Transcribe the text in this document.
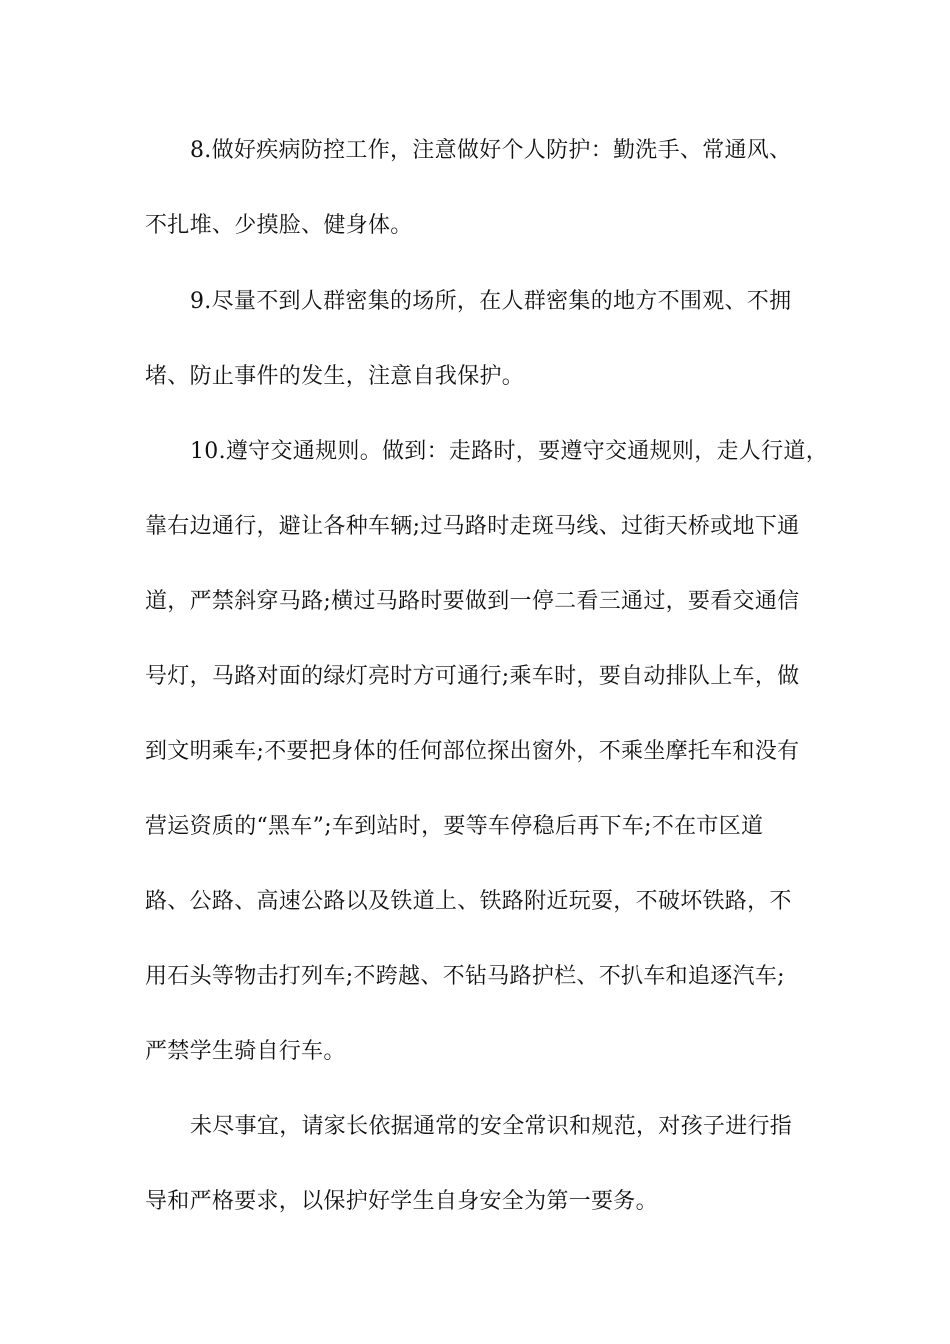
8.做好疾病防控工作，注意做好个人防护：勤洗手、常通风、
不扎堆、少摸脸、健身体。
9.尽量不到人群密集的场所，在人群密集的地方不围观、不拥
堵、防止事件的发生，注意自我保护。
10.遵守交通规则。做到：走路时，要遵守交通规则，走人行道，
靠右边通行，避让各种车辆;过马路时走斑马线、过街天桥或地下通
道，严禁斜穿马路;横过马路时要做到一停二看三通过，要看交通信
号灯，马路对面的绿灯亮时方可通行;乘车时，要自动排队上车，做
到文明乘车;不要把身体的任何部位探出窗外，不乘坐摩托车和没有
营运资质的“黑车”;车到站时，要等车停稳后再下车;不在市区道
路、公路、高速公路以及铁道上、铁路附近玩耍，不破坏铁路，不
用石头等物击打列车;不跨越、不钻马路护栏、不扒车和追逐汽车;
严禁学生骑自行车。
未尽事宜，请家长依据通常的安全常识和规范，对孩子进行指
导和严格要求，以保护好学生自身安全为第一要务。
